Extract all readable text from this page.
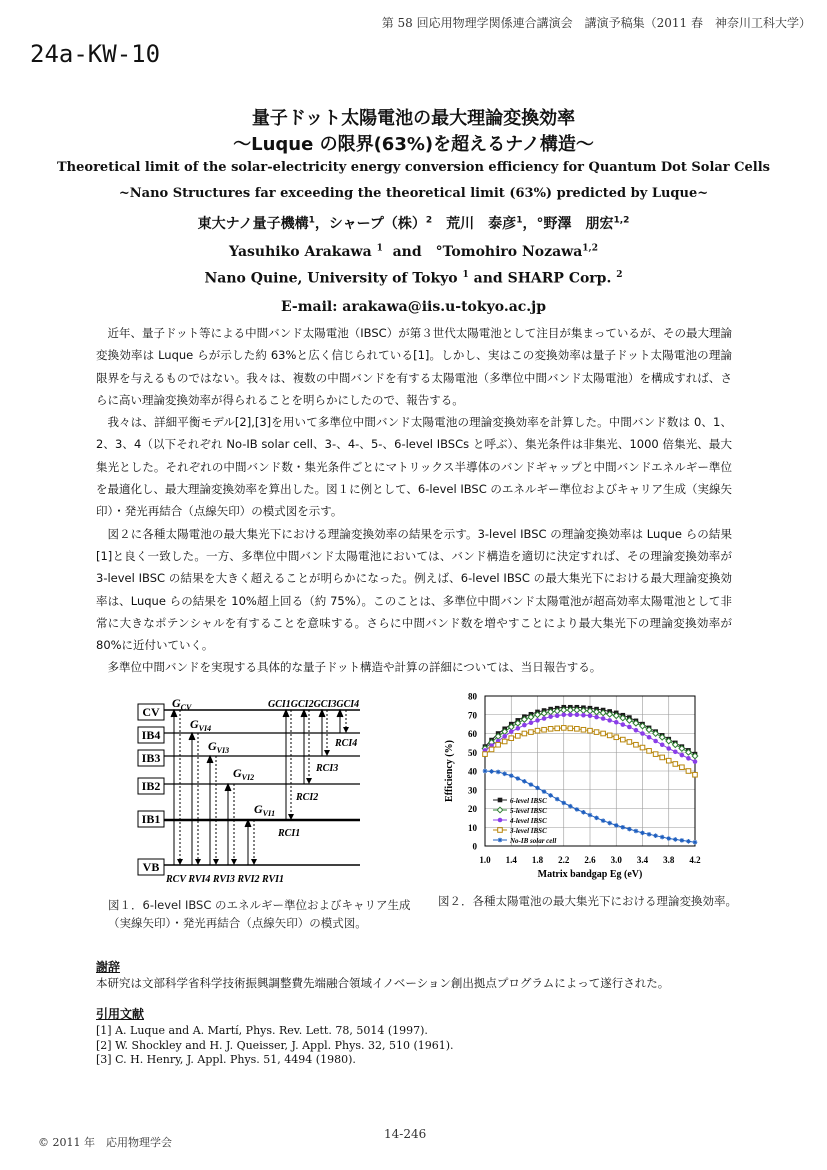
第 58 回応用物理学関係連合講演会　講演予稿集（2011 春　神奈川工科大学）
24a-KW-10
量子ドット太陽電池の最大理論変換効率
〜Luque の限界(63%)を超えるナノ構造〜
Theoretical limit of the solar-electricity energy conversion efficiency for Quantum Dot Solar Cells
~Nano Structures far exceeding the theoretical limit (63%) predicted by Luque~
東大ナノ量子機構$^1$，シャープ（株）$^2$　荒川　泰彦$^1$，°野澤　朋宏$^{1,2}$
Yasuhiko Arakawa $^1$ and　°Tomohiro Nozawa$^{1,2}$
Nano Quine, University of Tokyo $^1$ and SHARP Corp. $^2$
E-mail: arakawa@iis.u-tokyo.ac.jp

近年、量子ドット等による中間バンド太陽電池（IBSC）が第３世代太陽電池として注目が集まっているが、その最大理論変換効率は Luque らが示した約 63%と広く信じられている[1]。しかし、実はこの変換効率は量子ドット太陽電池の理論限界を与えるものではない。我々は、複数の中間バンドを有する太陽電池（多準位中間バンド太陽電池）を構成すれば、さらに高い理論変換効率が得られることを明らかにしたので、報告する。

我々は、詳細平衡モデル[2],[3]を用いて多準位中間バンド太陽電池の理論変換効率を計算した。中間バンド数は 0、1、2、3、4（以下それぞれ No-IB solar cell、3-、4-、5-、6-level IBSCs と呼ぶ）、集光条件は非集光、1000 倍集光、最大集光とした。それぞれの中間バンド数・集光条件ごとにマトリックス半導体のバンドギャップと中間バンドエネルギー準位を最適化し、最大理論変換効率を算出した。図１に例として、6-level IBSC のエネルギー準位およびキャリア生成（実線矢印）・発光再結合（点線矢印）の模式図を示す。

図２に各種太陽電池の最大集光下における理論変換効率の結果を示す。3-level IBSC の理論変換効率は Luque らの結果[1]と良く一致した。一方、多準位中間バンド太陽電池においては、バンド構造を適切に決定すれば、その理論変換効率が 3-level IBSC の結果を大きく超えることが明らかになった。例えば、6-level IBSC の最大集光下における最大理論変換効率は、Luque らの結果を 10%超上回る（約 75%）。このことは、多準位中間バンド太陽電池が超高効率太陽電池として非常に大きなポテンシャルを有することを意味する。さらに中間バンド数を増やすことにより最大集光下の理論変換効率が 80%に近付いていく。

多準位中間バンドを実現する具体的な量子ドット構造や計算の詳細については、当日報告する。

CV
IB4
IB3
IB2
IB1
VB
$G_{CV}$
$G_{VI4}$
$G_{VI3}$
$G_{VI2}$
$G_{VI1}$
GCI1GCI2GCI3GCI4
RCI4
RCI3
RCI2
RCI1
RCV RVI4 RVI3 RVI2 RVI1
0
10
20
30
40
50
60
70
80
1.0 1.4 1.8 2.2 2.6 3.0 3.4 3.8 4.2
6-level IBSC
5-level IBSC
4-level IBSC
3-level IBSC
No-IB solar cell
Matrix bandgap Eg (eV)
Efficiency (%)
図１．6-level IBSC のエネルギー準位およびキャリア生成（実線矢印）・発光再結合（点線矢印）の模式図。
図２．各種太陽電池の最大集光下における理論変換効率。
謝辞
本研究は文部科学省科学技術振興調整費先端融合領域イノベーション創出拠点プログラムによって遂行された。
引用文献
[1] A. Luque and A. Martí, Phys. Rev. Lett. 78, 5014 (1997).
[2] W. Shockley and H. J. Queisser, J. Appl. Phys. 32, 510 (1961).
[3] C. H. Henry, J. Appl. Phys. 51, 4494 (1980).
© 2011 年　応用物理学会
14-246
